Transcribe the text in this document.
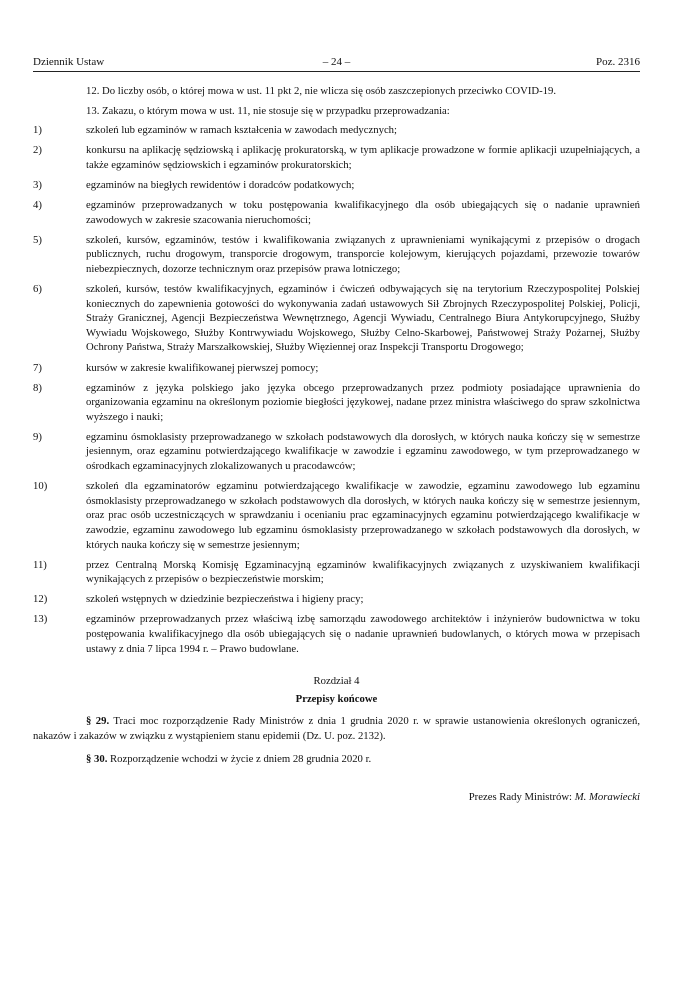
Dziennik Ustaw	– 24 –	Poz. 2316

12. Do liczby osób, o której mowa w ust. 11 pkt 2, nie wlicza się osób zaszczepionych przeciwko COVID-19.

13. Zakazu, o którym mowa w ust. 11, nie stosuje się w przypadku przeprowadzania:

1)	szkoleń lub egzaminów w ramach kształcenia w zawodach medycznych;
2)	konkursu na aplikację sędziowską i aplikację prokuratorską, w tym aplikacje prowadzone w formie aplikacji uzupełniających, a także egzaminów sędziowskich i egzaminów prokuratorskich;
3)	egzaminów na biegłych rewidentów i doradców podatkowych;
4)	egzaminów przeprowadzanych w toku postępowania kwalifikacyjnego dla osób ubiegających się o nadanie uprawnień zawodowych w zakresie szacowania nieruchomości;
5)	szkoleń, kursów, egzaminów, testów i kwalifikowania związanych z uprawnieniami wynikającymi z przepisów o drogach publicznych, ruchu drogowym, transporcie drogowym, transporcie kolejowym, kierujących pojazdami, przewozie towarów niebezpiecznych, dozorze technicznym oraz przepisów prawa lotniczego;
6)	szkoleń, kursów, testów kwalifikacyjnych, egzaminów i ćwiczeń odbywających się na terytorium Rzeczypospolitej Polskiej koniecznych do zapewnienia gotowości do wykonywania zadań ustawowych Sił Zbrojnych Rzeczypospolitej Polskiej, Policji, Straży Granicznej, Agencji Bezpieczeństwa Wewnętrznego, Agencji Wywiadu, Centralnego Biura Antykorupcyjnego, Służby Wywiadu Wojskowego, Służby Kontrwywiadu Wojskowego, Służby Celno-Skarbowej, Państwowej Straży Pożarnej, Służby Ochrony Państwa, Straży Marszałkowskiej, Służby Więziennej oraz Inspekcji Transportu Drogowego;
7)	kursów w zakresie kwalifikowanej pierwszej pomocy;
8)	egzaminów z języka polskiego jako języka obcego przeprowadzanych przez podmioty posiadające uprawnienia do organizowania egzaminu na określonym poziomie biegłości językowej, nadane przez ministra właściwego do spraw szkolnictwa wyższego i nauki;
9)	egzaminu ósmoklasisty przeprowadzanego w szkołach podstawowych dla dorosłych, w których nauka kończy się w semestrze jesiennym, oraz egzaminu potwierdzającego kwalifikacje w zawodzie i egzaminu zawodowego, w tym przeprowadzanego w ośrodkach egzaminacyjnych zlokalizowanych u pracodawców;
10)	szkoleń dla egzaminatorów egzaminu potwierdzającego kwalifikacje w zawodzie, egzaminu zawodowego lub egzaminu ósmoklasisty przeprowadzanego w szkołach podstawowych dla dorosłych, w których nauka kończy się w semestrze jesiennym, oraz prac osób uczestniczących w sprawdzaniu i ocenianiu prac egzaminacyjnych egzaminu potwierdzającego kwalifikacje w zawodzie, egzaminu zawodowego lub egzaminu ósmoklasisty przeprowadzanego w szkołach podstawowych dla dorosłych, w których nauka kończy się w semestrze jesiennym;
11)	przez Centralną Morską Komisję Egzaminacyjną egzaminów kwalifikacyjnych związanych z uzyskiwaniem kwalifikacji wynikających z przepisów o bezpieczeństwie morskim;
12)	szkoleń wstępnych w dziedzinie bezpieczeństwa i higieny pracy;
13)	egzaminów przeprowadzanych przez właściwą izbę samorządu zawodowego architektów i inżynierów budownictwa w toku postępowania kwalifikacyjnego dla osób ubiegających się o nadanie uprawnień budowlanych, o których mowa w przepisach ustawy z dnia 7 lipca 1994 r. – Prawo budowlane.
Rozdział 4
Przepisy końcowe

§ 29. Traci moc rozporządzenie Rady Ministrów z dnia 1 grudnia 2020 r. w sprawie ustanowienia określonych ograniczeń, nakazów i zakazów w związku z wystąpieniem stanu epidemii (Dz. U. poz. 2132).

§ 30. Rozporządzenie wchodzi w życie z dniem 28 grudnia 2020 r.

Prezes Rady Ministrów: M. Morawiecki
